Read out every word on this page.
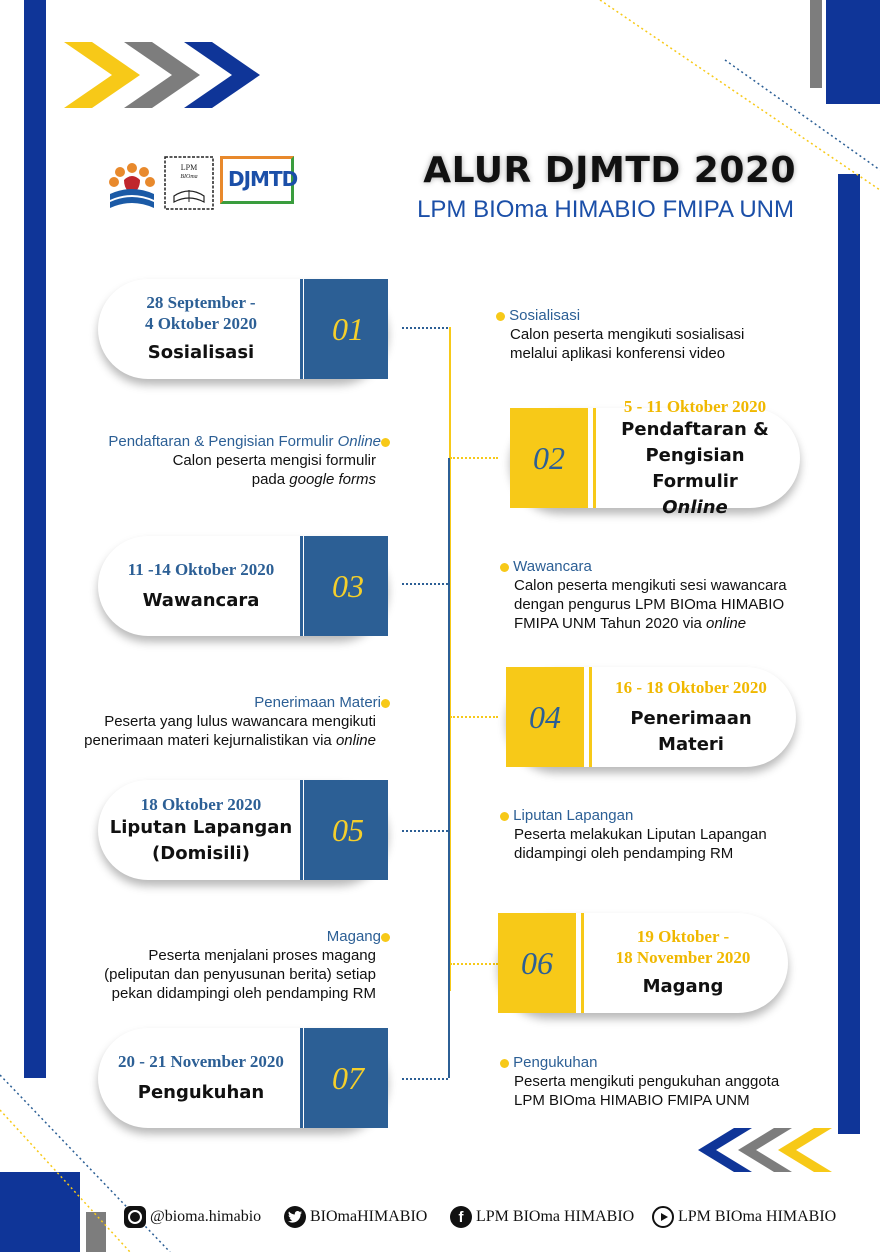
LPM
BIOma DJMTD	ALUR DJMTD 2020
LPM BIOma HIMABIO FMIPA UNM
28 September -
4 Oktober 2020
Sosialisasi
01	Sosialisasi
Calon peserta mengikuti sosialisasi
melalui aplikasi konferensi video
Pendaftaran & Pengisian Formulir Online
Calon peserta mengisi formulir
pada google forms
02
5 - 11 Oktober 2020
Pendaftaran &
Pengisian Formulir
Online
11 -14 Oktober 2020
Wawancara	03
Wawancara
Calon peserta mengikuti sesi wawancara
dengan pengurus LPM BIOma HIMABIO
FMIPA UNM Tahun 2020 via online
Penerimaan Materi
Peserta yang lulus wawancara mengikuti
penerimaan materi kejurnalistikan via online
04
16 - 18 Oktober 2020
Penerimaan Materi
18 Oktober 2020
Liputan Lapangan
(Domisili)
05	Liputan Lapangan
Peserta melakukan Liputan Lapangan
didampingi oleh pendamping RM
Magang
Peserta menjalani proses magang
(peliputan dan penyusunan berita) setiap
pekan didampingi oleh pendamping RM
06
19 Oktober -
18 November 2020
Magang
20 - 21 November 2020
Pengukuhan	07	Pengukuhan
Peserta mengikuti pengukuhan anggota
LPM BIOma HIMABIO FMIPA UNM
@bioma.himabio	BIOmaHIMABIO	f LPM BIOma HIMABIO	LPM BIOma HIMABIO
